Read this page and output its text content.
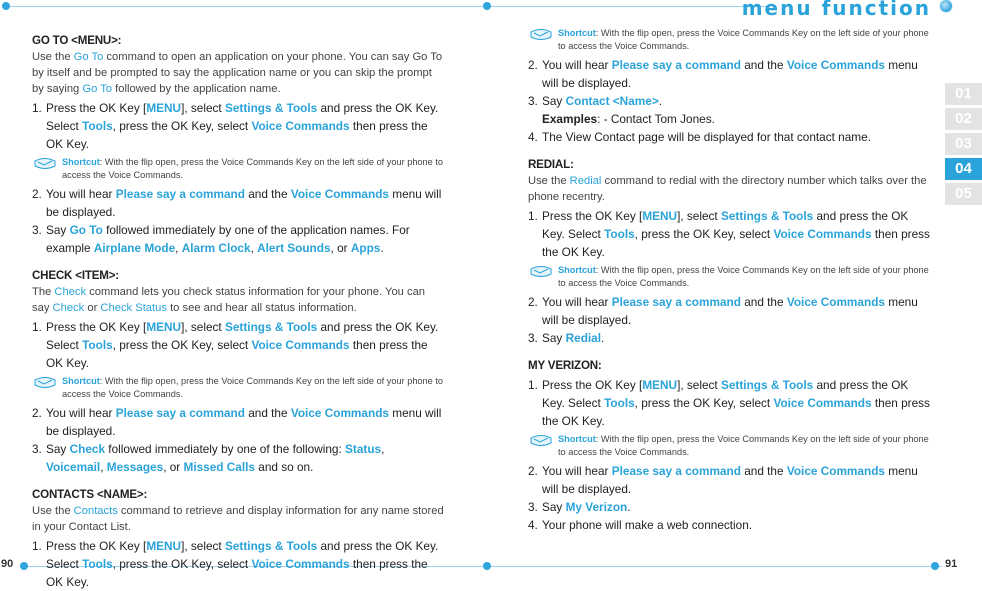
menu function
90	91
01
02
03
04
05
GO TO <MENU>:
Use the Go To command to open an application on your phone. You can say Go To by itself and be prompted to say the application name or you can skip the prompt by saying Go To followed by the application name.
1. Press the OK Key [MENU], select Settings & Tools and press the OK Key. Select Tools, press the OK Key, select Voice Commands then press the OK Key.
Shortcut: With the flip open, press the Voice Commands Key on the left side of your phone to access the Voice Commands.
2. You will hear Please say a command and the Voice Commands menu will be displayed.
3. Say Go To followed immediately by one of the application names. For example Airplane Mode, Alarm Clock, Alert Sounds, or Apps.
CHECK <ITEM>:
The Check command lets you check status information for your phone. You can say Check or Check Status to see and hear all status information.
1. Press the OK Key [MENU], select Settings & Tools and press the OK Key. Select Tools, press the OK Key, select Voice Commands then press the OK Key.
Shortcut: With the flip open, press the Voice Commands Key on the left side of your phone to access the Voice Commands.
2. You will hear Please say a command and the Voice Commands menu will be displayed.
3. Say Check followed immediately by one of the following: Status, Voicemail, Messages, or Missed Calls and so on.
CONTACTS <NAME>:
Use the Contacts command to retrieve and display information for any name stored in your Contact List.
1. Press the OK Key [MENU], select Settings & Tools and press the OK Key. Select Tools, press the OK Key, select Voice Commands then press the OK Key.
Shortcut: With the flip open, press the Voice Commands Key on the left side of your phone to access the Voice Commands.
2. You will hear Please say a command and the Voice Commands menu will be displayed.
3. Say Contact <Name>.
Examples: - Contact Tom Jones.
4. The View Contact page will be displayed for that contact name.
REDIAL:
Use the Redial command to redial with the directory number which talks over the phone recentry.
1. Press the OK Key [MENU], select Settings & Tools and press the OK Key. Select Tools, press the OK Key, select Voice Commands then press the OK Key.
Shortcut: With the flip open, press the Voice Commands Key on the left side of your phone to access the Voice Commands.
2. You will hear Please say a command and the Voice Commands menu will be displayed.
3. Say Redial.
MY VERIZON:
1. Press the OK Key [MENU], select Settings & Tools and press the OK Key. Select Tools, press the OK Key, select Voice Commands then press the OK Key.
Shortcut: With the flip open, press the Voice Commands Key on the left side of your phone to access the Voice Commands.
2. You will hear Please say a command and the Voice Commands menu will be displayed.
3. Say My Verizon.
4. Your phone will make a web connection.
